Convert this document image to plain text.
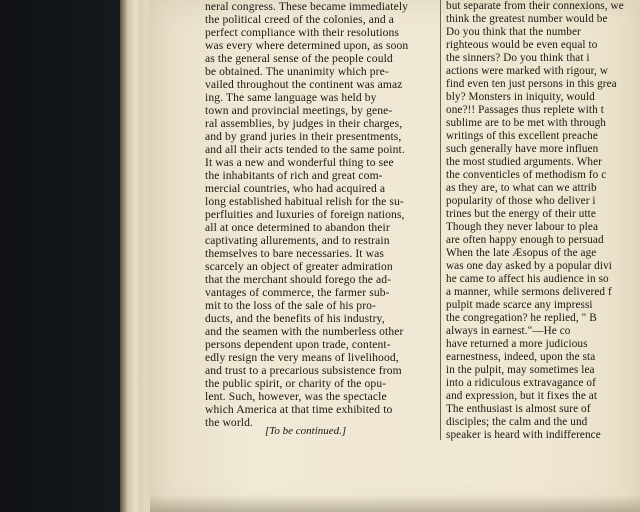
neral congress. These became immediately
the political creed of the colonies, and a
perfect compliance with their resolutions
was every where determined upon, as soon
as the general sense of the people could
be obtained. The unanimity which pre-
vailed throughout the continent was amaz
ing. The same language was held by
town and provincial meetings, by gene-
ral assemblies, by judges in their charges,
and by grand juries in their presentments,
and all their acts tended to the same point.
It was a new and wonderful thing to see
the inhabitants of rich and great com-
mercial countries, who had acquired a
long established habitual relish for the su-
perfluities and luxuries of foreign nations,
all at once determined to abandon their
captivating allurements, and to restrain
themselves to bare necessaries. It was
scarcely an object of greater admiration
that the merchant should forego the ad-
vantages of commerce, the farmer sub-
mit to the loss of the sale of his pro-
ducts, and the benefits of his industry,
and the seamen with the numberless other
persons dependent upon trade, content-
edly resign the very means of livelihood,
and trust to a precarious subsistence from
the public spirit, or charity of the opu-
lent. Such, however, was the spectacle
which America at that time exhibited to
the world.
but separate from their connexions, we
think the greatest number would be
Do you think that the number
righteous would be even equal to
the sinners? Do you think that i
actions were marked with rigour, w
find even ten just persons in this grea
bly? Monsters in iniquity, would
one?!! Passages thus replete with t
sublime are to be met with through
writings of this excellent preache
such generally have more influen
the most studied arguments. Wher
the conventicles of methodism fo c
as they are, to what can we attrib
popularity of those who deliver i
trines but the energy of their utte
Though they never labour to plea
are often happy enough to persuad
When the late Æsopus of the age
was one day asked by a popular divi
he came to affect his audience in so
a manner, while sermons delivered f
pulpit made scarce any impressi
the congregation? he replied, " B
always in earnest."—He co
have returned a more judicious
earnestness, indeed, upon the sta
in the pulpit, may sometimes lea
into a ridiculous extravagance of
and expression, but it fixes the at
The enthusiast is almost sure of
disciples; the calm and the und
speaker is heard with indifference
[To be continued.]
